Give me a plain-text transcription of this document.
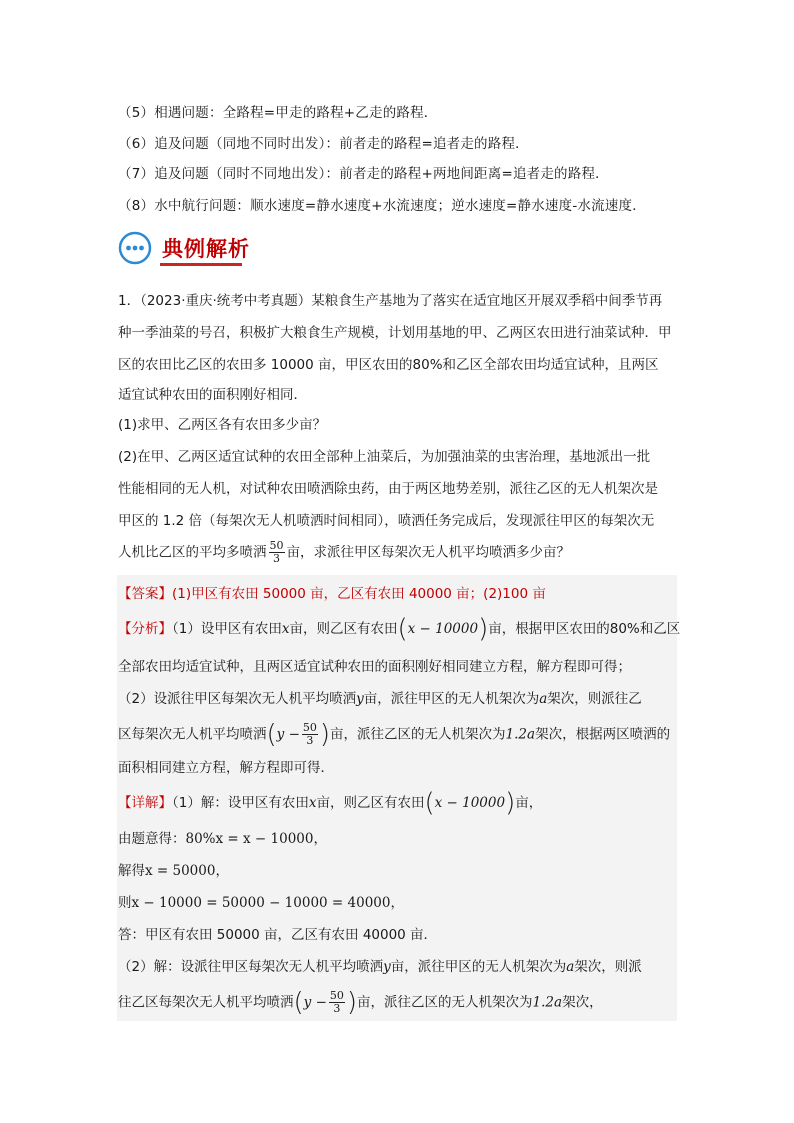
（5）相遇问题：全路程=甲走的路程+乙走的路程．
（6）追及问题（同地不同时出发）：前者走的路程=追者走的路程．
（7）追及问题（同时不同地出发）：前者走的路程+两地间距离=追者走的路程．
（8）水中航行问题：顺水速度=静水速度+水流速度；逆水速度=静水速度-水流速度．
典例解析
1．（2023·重庆·统考中考真题）某粮食生产基地为了落实在适宜地区开展双季稻中间季节再
种一季油菜的号召，积极扩大粮食生产规模，计划用基地的甲、乙两区农田进行油菜试种．甲
区的农田比乙区的农田多 10000 亩，甲区农田的80%和乙区全部农田均适宜试种，且两区
适宜试种农田的面积刚好相同．
(1)求甲、乙两区各有农田多少亩？
(2)在甲、乙两区适宜试种的农田全部种上油菜后，为加强油菜的虫害治理，基地派出一批
性能相同的无人机，对试种农田喷洒除虫药，由于两区地势差别，派往乙区的无人机架次是
甲区的 1.2 倍（每架次无人机喷洒时间相同），喷洒任务完成后，发现派往甲区的每架次无
人机比乙区的平均多喷洒 $\frac{50}{3}$ 亩，求派往甲区每架次无人机平均喷洒多少亩？
【答案】(1)甲区有农田 50000 亩，乙区有农田 40000 亩；(2)100 亩
【分析】（1）设甲区有农田x亩，则乙区有农田(x − 10000)亩，根据甲区农田的80%和乙区
全部农田均适宜试种，且两区适宜试种农田的面积刚好相同建立方程，解方程即可得；
（2）设派往甲区每架次无人机平均喷洒y亩，派往甲区的无人机架次为a架次，则派往乙
区每架次无人机平均喷洒($y - \frac{50}{3}$ )亩，派往乙区的无人机架次为1.2a架次，根据两区喷洒的
面积相同建立方程，解方程即可得．
【详解】（1）解：设甲区有农田x亩，则乙区有农田(x − 10000)亩，
由题意得：80%x = x − 10000，
解得x = 50000，
则x − 10000 = 50000 − 10000 = 40000，
答：甲区有农田 50000 亩，乙区有农田 40000 亩．
（2）解：设派往甲区每架次无人机平均喷洒y亩，派往甲区的无人机架次为a架次，则派
往乙区每架次无人机平均喷洒($y - \frac{50}{3}$ )亩，派往乙区的无人机架次为1.2a架次，
